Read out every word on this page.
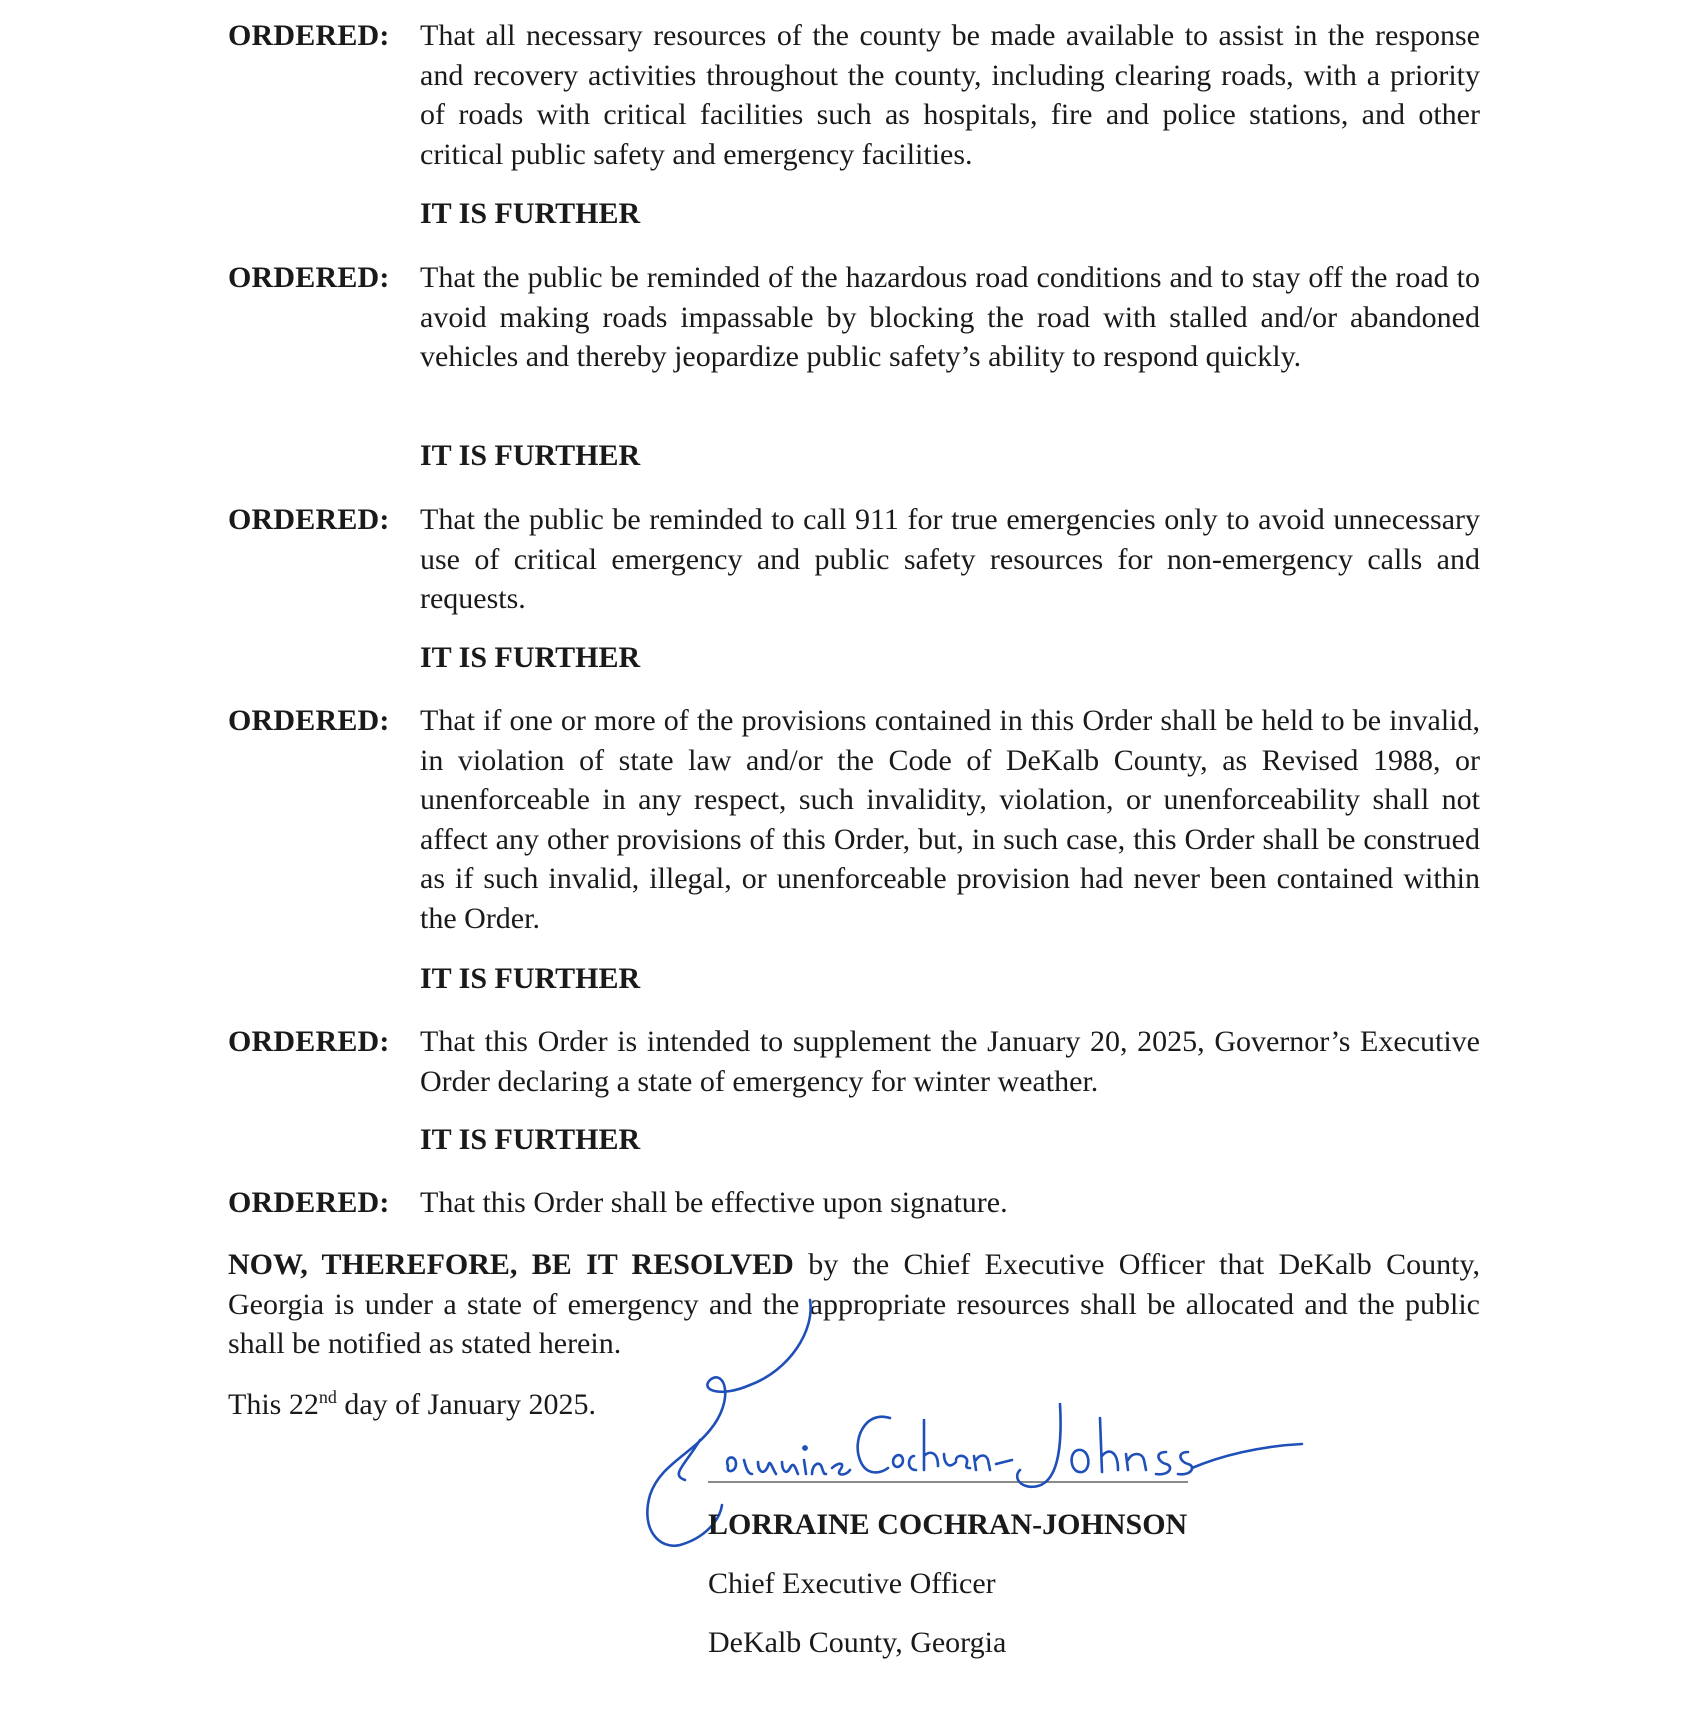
ORDERED: That all necessary resources of the county be made available to assist in the response and recovery activities throughout the county, including clearing roads, with a priority of roads with critical facilities such as hospitals, fire and police stations, and other critical public safety and emergency facilities.
IT IS FURTHER
ORDERED: That the public be reminded of the hazardous road conditions and to stay off the road to avoid making roads impassable by blocking the road with stalled and/or abandoned vehicles and thereby jeopardize public safety’s ability to respond quickly.
IT IS FURTHER
ORDERED: That the public be reminded to call 911 for true emergencies only to avoid unnecessary use of critical emergency and public safety resources for non-emergency calls and requests.
IT IS FURTHER
ORDERED: That if one or more of the provisions contained in this Order shall be held to be invalid, in violation of state law and/or the Code of DeKalb County, as Revised 1988, or unenforceable in any respect, such invalidity, violation, or unenforceability shall not affect any other provisions of this Order, but, in such case, this Order shall be construed as if such invalid, illegal, or unenforceable provision had never been contained within the Order.
IT IS FURTHER
ORDERED: That this Order is intended to supplement the January 20, 2025, Governor’s Executive Order declaring a state of emergency for winter weather.
IT IS FURTHER
ORDERED: That this Order shall be effective upon signature.
NOW, THEREFORE, BE IT RESOLVED by the Chief Executive Officer that DeKalb County, Georgia is under a state of emergency and the appropriate resources shall be allocated and the public shall be notified as stated herein.
This 22nd day of January 2025.
LORRAINE COCHRAN-JOHNSON
Chief Executive Officer
DeKalb County, Georgia
